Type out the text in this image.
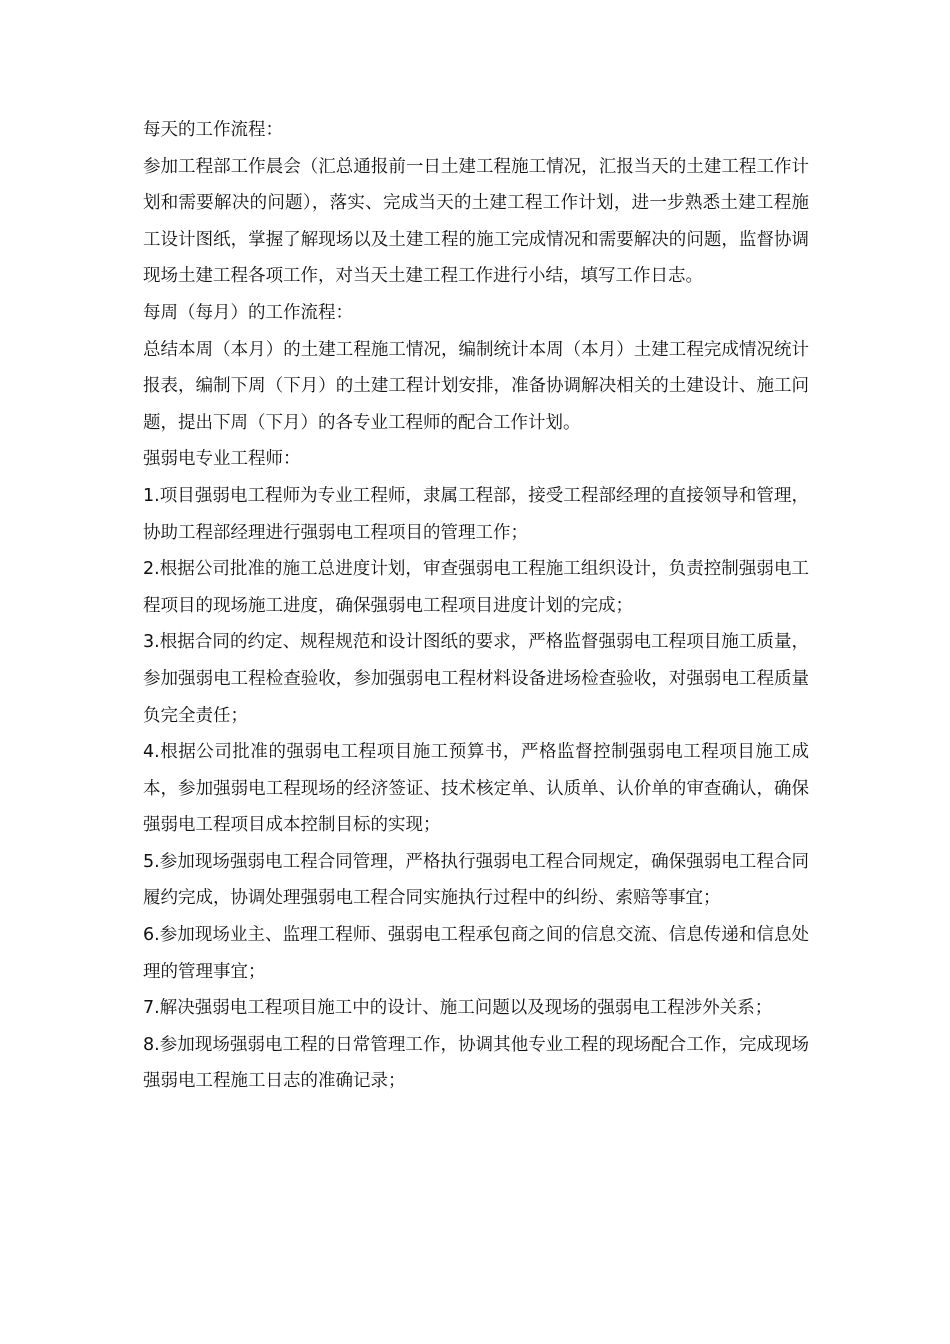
每天的工作流程：

参加工程部工作晨会（汇总通报前一日土建工程施工情况，汇报当天的土建工程工作计划和需要解决的问题），落实、完成当天的土建工程工作计划，进一步熟悉土建工程施工设计图纸，掌握了解现场以及土建工程的施工完成情况和需要解决的问题，监督协调现场土建工程各项工作，对当天土建工程工作进行小结，填写工作日志。

每周（每月）的工作流程：

总结本周（本月）的土建工程施工情况，编制统计本周（本月）土建工程完成情况统计报表，编制下周（下月）的土建工程计划安排，准备协调解决相关的土建设计、施工问题，提出下周（下月）的各专业工程师的配合工作计划。

强弱电专业工程师：

1.项目强弱电工程师为专业工程师，隶属工程部，接受工程部经理的直接领导和管理，协助工程部经理进行强弱电工程项目的管理工作；

2.根据公司批准的施工总进度计划，审查强弱电工程施工组织设计，负责控制强弱电工程项目的现场施工进度，确保强弱电工程项目进度计划的完成；

3.根据合同的约定、规程规范和设计图纸的要求，严格监督强弱电工程项目施工质量，参加强弱电工程检查验收，参加强弱电工程材料设备进场检查验收，对强弱电工程质量负完全责任；

4.根据公司批准的强弱电工程项目施工预算书，严格监督控制强弱电工程项目施工成本，参加强弱电工程现场的经济签证、技术核定单、认质单、认价单的审查确认，确保强弱电工程项目成本控制目标的实现；

5.参加现场强弱电工程合同管理，严格执行强弱电工程合同规定，确保强弱电工程合同履约完成，协调处理强弱电工程合同实施执行过程中的纠纷、索赔等事宜；

6.参加现场业主、监理工程师、强弱电工程承包商之间的信息交流、信息传递和信息处理的管理事宜；

7.解决强弱电工程项目施工中的设计、施工问题以及现场的强弱电工程涉外关系；

8.参加现场强弱电工程的日常管理工作，协调其他专业工程的现场配合工作，完成现场强弱电工程施工日志的准确记录；
